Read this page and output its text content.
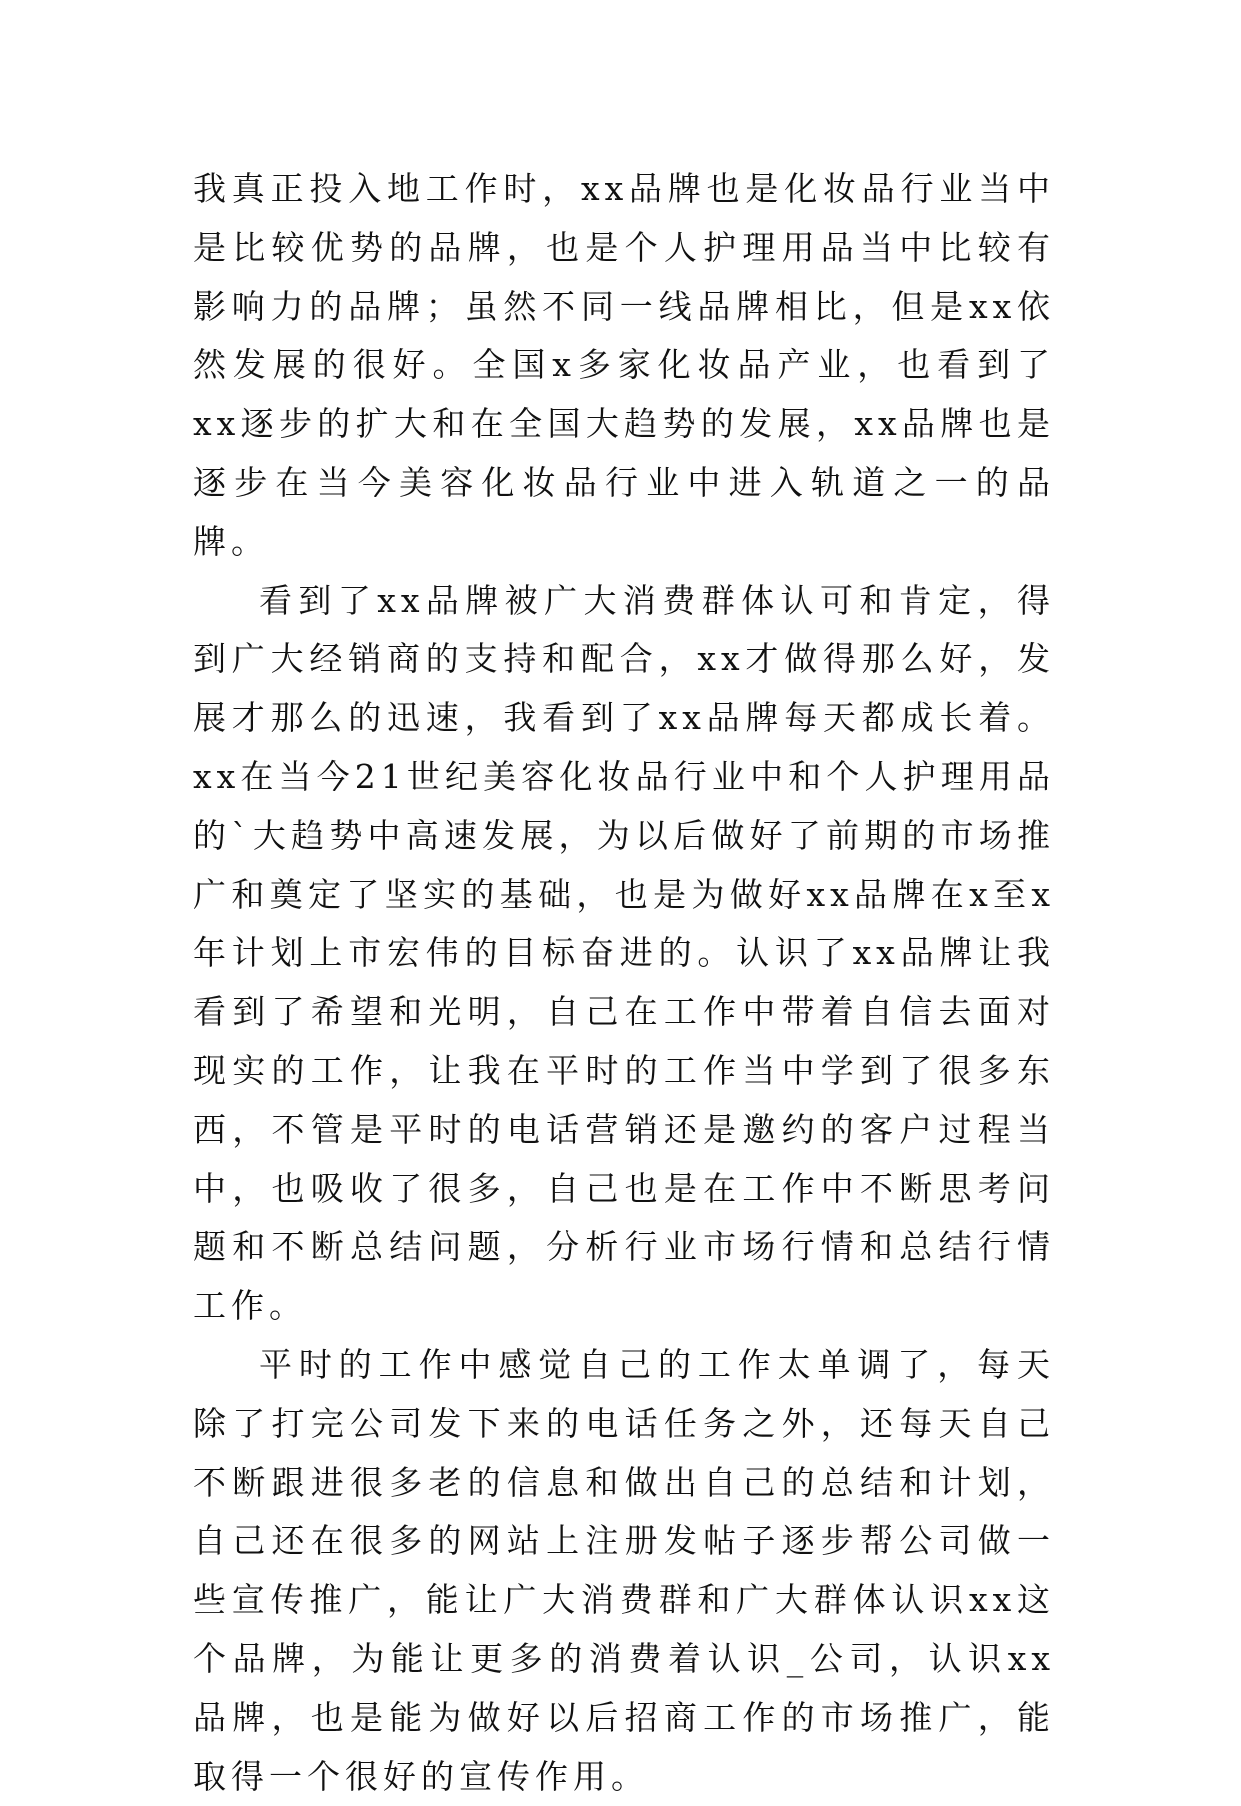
我真正投入地工作时，xx品牌也是化妆品行业当中是比较优势的品牌，也是个人护理用品当中比较有影响力的品牌；虽然不同一线品牌相比，但是xx依然发展的很好。全国x多家化妆品产业，也看到了xx逐步的扩大和在全国大趋势的发展，xx品牌也是逐步在当今美容化妆品行业中进入轨道之一的品牌。

看到了xx品牌被广大消费群体认可和肯定，得到广大经销商的支持和配合，xx才做得那么好，发展才那么的迅速，我看到了xx品牌每天都成长着。xx在当今21世纪美容化妆品行业中和个人护理用品的`大趋势中高速发展，为以后做好了前期的市场推广和奠定了坚实的基础，也是为做好xx品牌在x至x年计划上市宏伟的目标奋进的。认识了xx品牌让我看到了希望和光明，自己在工作中带着自信去面对现实的工作，让我在平时的工作当中学到了很多东西，不管是平时的电话营销还是邀约的客户过程当中，也吸收了很多，自己也是在工作中不断思考问题和不断总结问题，分析行业市场行情和总结行情工作。

平时的工作中感觉自己的工作太单调了，每天除了打完公司发下来的电话任务之外，还每天自己不断跟进很多老的信息和做出自己的总结和计划，自己还在很多的网站上注册发帖子逐步帮公司做一些宣传推广，能让广大消费群和广大群体认识xx这个品牌，为能让更多的消费着认识_公司，认识xx品牌，也是能为做好以后招商工作的市场推广，能取得一个很好的宣传作用。
